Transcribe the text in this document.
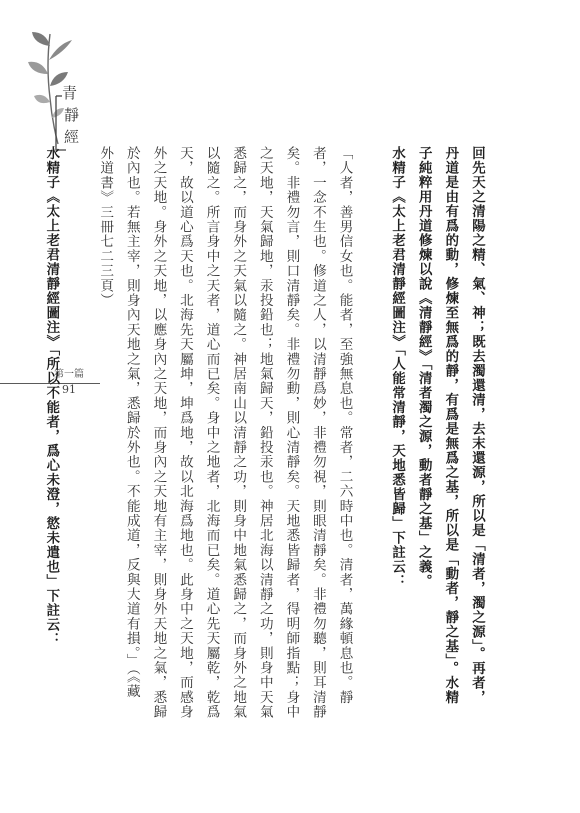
青
靜
經
第一篇
91	回先天之清陽之精、氣、神；既去濁還清，去末還源，所以是「清者，濁之源」。再者，
丹道是由有爲的動，修煉至無爲的靜，有爲是無爲之基，所以是「動者，靜之基」。水精
子純粹用丹道修煉以說《清靜經》「清者濁之源，動者靜之基」之義。
水精子《太上老君清靜經圖注》「人能常清靜，天地悉皆歸」下註云：
「人者，善男信女也。能者，至強無息也。常者，二六時中也。清者，萬緣頓息也。靜
者，一念不生也。修道之人，以清靜爲妙，非禮勿視，則眼清靜矣。非禮勿聽，則耳清靜
矣。非禮勿言，則口清靜矣。非禮勿動，則心清靜矣。天地悉皆歸者，得明師指點；身中
之天地，天氣歸地，汞投鉛也；地氣歸天，鉛投汞也。神居北海以清靜之功，則身中天氣
悉歸之，而身外之天氣以隨之。神居南山以清靜之功，則身中地氣悉歸之，而身外之地氣
以隨之。所言身中之天者，道心而已矣。身中之地者，北海而已矣。道心先天屬乾，乾爲
天，故以道心爲天也。北海先天屬坤，坤爲地，故以北海爲地也。此身中之天地，而感身
外之天地。身外之天地，以應身內之天地，而身內之天地有主宰，則身外天地之氣，悉歸
於內也。若無主宰，則身內天地之氣，悉歸於外也。不能成道，反與大道有損。」（《藏
外道書》三冊七二三頁）
水精子《太上老君清靜經圖注》「所以不能者，爲心未澄，慾未遣也」下註云：
